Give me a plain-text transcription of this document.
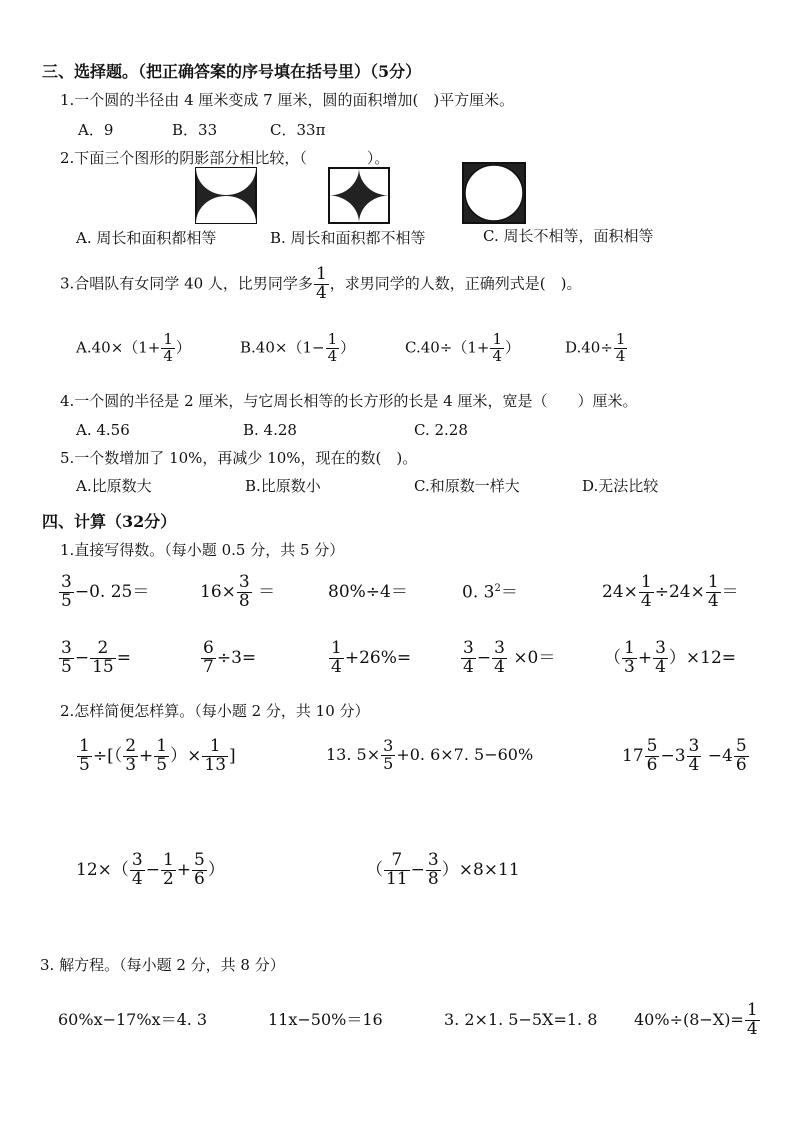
三、选择题。（把正确答案的序号填在括号里）（5分）
1.一个圆的半径由 4 厘米变成 7 厘米，圆的面积增加(　)平方厘米。
A．9	B．33	C．33π
2.下面三个图形的阴影部分相比较，（　　　　）。
A. 周长和面积都相等	B. 周长和面积都不相等	C. 周长不相等，面积相等
3.合唱队有女同学 40 人，比男同学多 $\frac{1}{4}$ ，求男同学的人数，正确列式是(　)。
$A.40\times(1+ \frac{1}{4}$ ）	$B.40\times(1- \frac{1}{4}$ ）	$C.40\div(1+ \frac{1}{4}$ ）	$D.40\div \frac{1}{4}$
4.一个圆的半径是 2 厘米，与它周长相等的长方形的长是 4 厘米，宽是（　　）厘米。
A. 4.56	B. 4.28	C. 2.28
5.一个数增加了 10%，再减少 10%，现在的数(　)。
A.比原数大	B.比原数小	C.和原数一样大	D.无法比较
四、计算（32分）
1.直接写得数。（每小题 0.5 分，共 5 分）
$\frac{3}{5} -0$. 25＝	$16\times \frac{3}{8}$ ＝	80%÷4＝	0. $3^2=$	$24\times \frac{1}{4} \div 24\times \frac{1}{4}$ ＝
$\frac{3}{5} - \frac{2}{15}$ =	$\frac{6}{7} \div 3=$	$\frac{1}{4} +26\%=$	$\frac{3}{4} - \frac{3}{4} \times 0=$	（ $\frac{1}{3} + \frac{3}{4} )\times 12=$
2.怎样简便怎样算。（每小题 2 分，共 10 分）
$\frac{1}{5}$ ÷[（ $\frac{2}{3} + \frac{1}{5}$ ）× $\frac{1}{13}$ ]	13. $5\times \frac{3}{5} +0$. 6×7. 5−60%	$17 \frac{5}{6} -3 \frac{3}{4} -4 \frac{5}{6}$
$12\times( \frac{3}{4} - \frac{1}{2} + \frac{5}{6}$ ）	（ $\frac{7}{11} - \frac{3}{8} )\times 8\times 11$
3. 解方程。（每小题 2 分，共 8 分）
60%x−17%x＝4. 3	11x−50%＝16	3. 2×1. 5−5X=1. 8 $40\%\div(8-X)= \frac{1}{4}$
